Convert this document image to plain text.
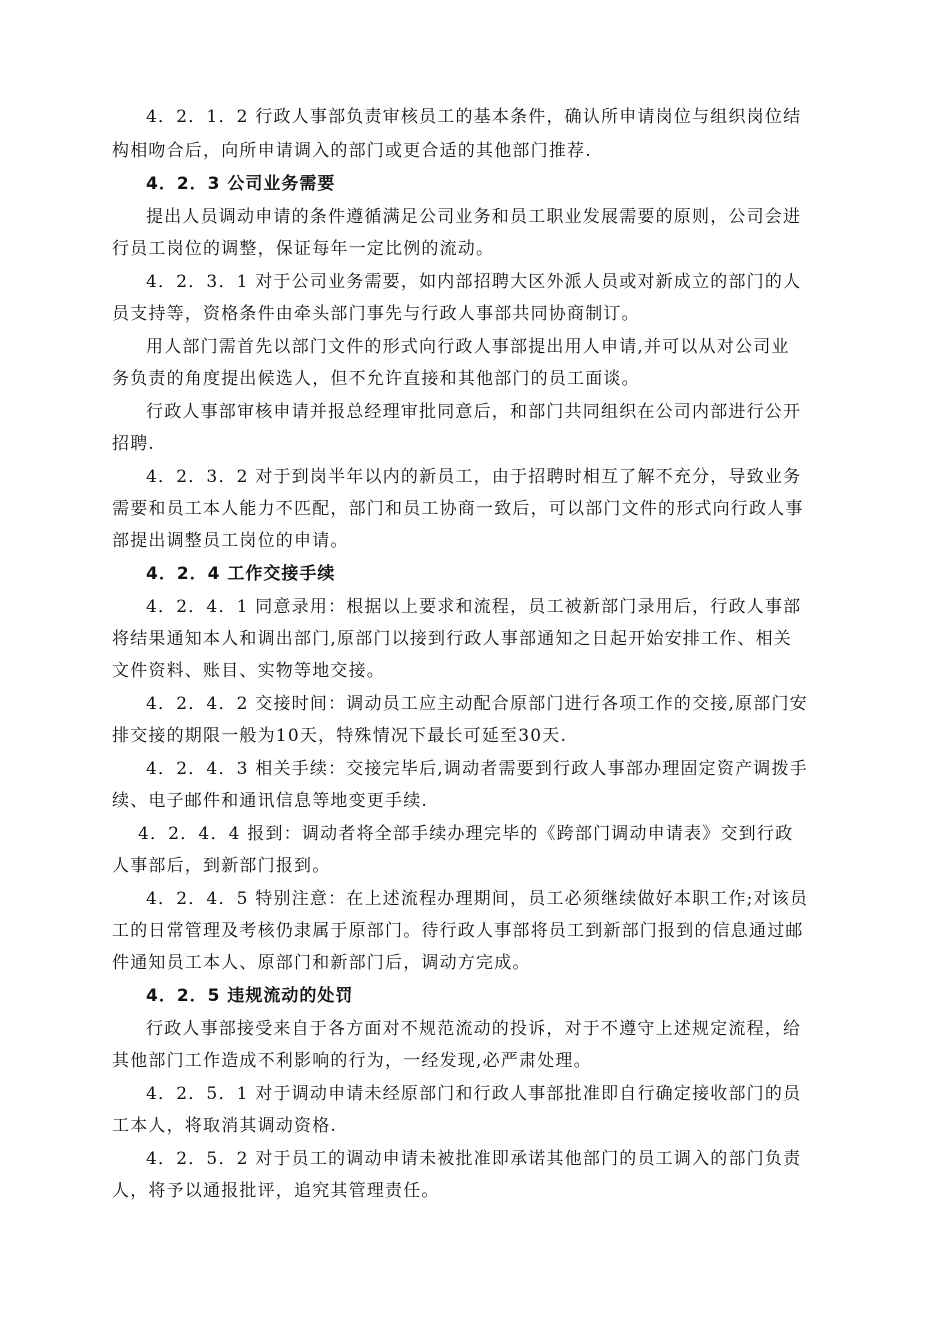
4．2．1．2 行政人事部负责审核员工的基本条件，确认所申请岗位与组织岗位结
构相吻合后，向所申请调入的部门或更合适的其他部门推荐.
4．2．3 公司业务需要
提出人员调动申请的条件遵循满足公司业务和员工职业发展需要的原则，公司会进
行员工岗位的调整，保证每年一定比例的流动。
4．2．3．1 对于公司业务需要，如内部招聘大区外派人员或对新成立的部门的人
员支持等，资格条件由牵头部门事先与行政人事部共同协商制订。
用人部门需首先以部门文件的形式向行政人事部提出用人申请,并可以从对公司业
务负责的角度提出候选人，但不允许直接和其他部门的员工面谈。
行政人事部审核申请并报总经理审批同意后，和部门共同组织在公司内部进行公开
招聘.
4．2．3．2 对于到岗半年以内的新员工，由于招聘时相互了解不充分，导致业务
需要和员工本人能力不匹配，部门和员工协商一致后，可以部门文件的形式向行政人事
部提出调整员工岗位的申请。
4．2．4 工作交接手续
4．2．4．1 同意录用：根据以上要求和流程，员工被新部门录用后，行政人事部
将结果通知本人和调出部门,原部门以接到行政人事部通知之日起开始安排工作、相关
文件资料、账目、实物等地交接。
4．2．4．2 交接时间：调动员工应主动配合原部门进行各项工作的交接,原部门安
排交接的期限一般为10天，特殊情况下最长可延至30天.
4．2．4．3 相关手续：交接完毕后,调动者需要到行政人事部办理固定资产调拨手
续、电子邮件和通讯信息等地变更手续.
4．2．4．4 报到：调动者将全部手续办理完毕的《跨部门调动申请表》交到行政
人事部后，到新部门报到。
4．2．4．5 特别注意：在上述流程办理期间，员工必须继续做好本职工作;对该员
工的日常管理及考核仍隶属于原部门。待行政人事部将员工到新部门报到的信息通过邮
件通知员工本人、原部门和新部门后，调动方完成。
4．2．5 违规流动的处罚
行政人事部接受来自于各方面对不规范流动的投诉，对于不遵守上述规定流程，给
其他部门工作造成不利影响的行为，一经发现,必严肃处理。
4．2．5．1 对于调动申请未经原部门和行政人事部批准即自行确定接收部门的员
工本人，将取消其调动资格.
4．2．5．2 对于员工的调动申请未被批准即承诺其他部门的员工调入的部门负责
人，将予以通报批评，追究其管理责任。
